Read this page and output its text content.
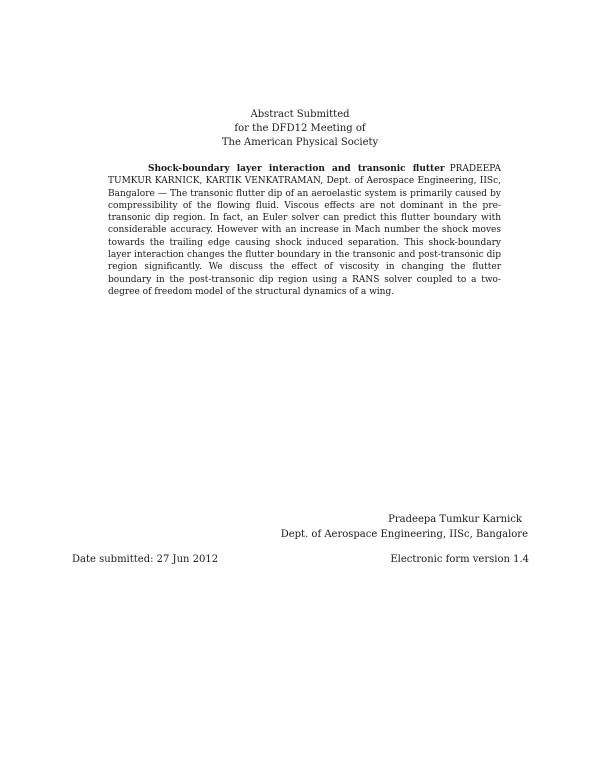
Abstract Submitted
for the DFD12 Meeting of
The American Physical Society

Shock-boundary layer interaction and transonic flutter PRADEEPA TUMKUR KARNICK, KARTIK VENKATRAMAN, Dept. of Aerospace Engineering, IISc, Bangalore — The transonic flutter dip of an aeroelastic system is primarily caused by compressibility of the flowing fluid. Viscous effects are not dominant in the pre-transonic dip region. In fact, an Euler solver can predict this flutter boundary with considerable accuracy. However with an increase in Mach number the shock moves towards the trailing edge causing shock induced separation. This shock-boundary layer interaction changes the flutter boundary in the transonic and post-transonic dip region significantly. We discuss the effect of viscosity in changing the flutter boundary in the post-transonic dip region using a RANS solver coupled to a two-degree of freedom model of the structural dynamics of a wing.

Pradeepa Tumkur Karnick
Dept. of Aerospace Engineering, IISc, Bangalore
Date submitted: 27 Jun 2012	Electronic form version 1.4
